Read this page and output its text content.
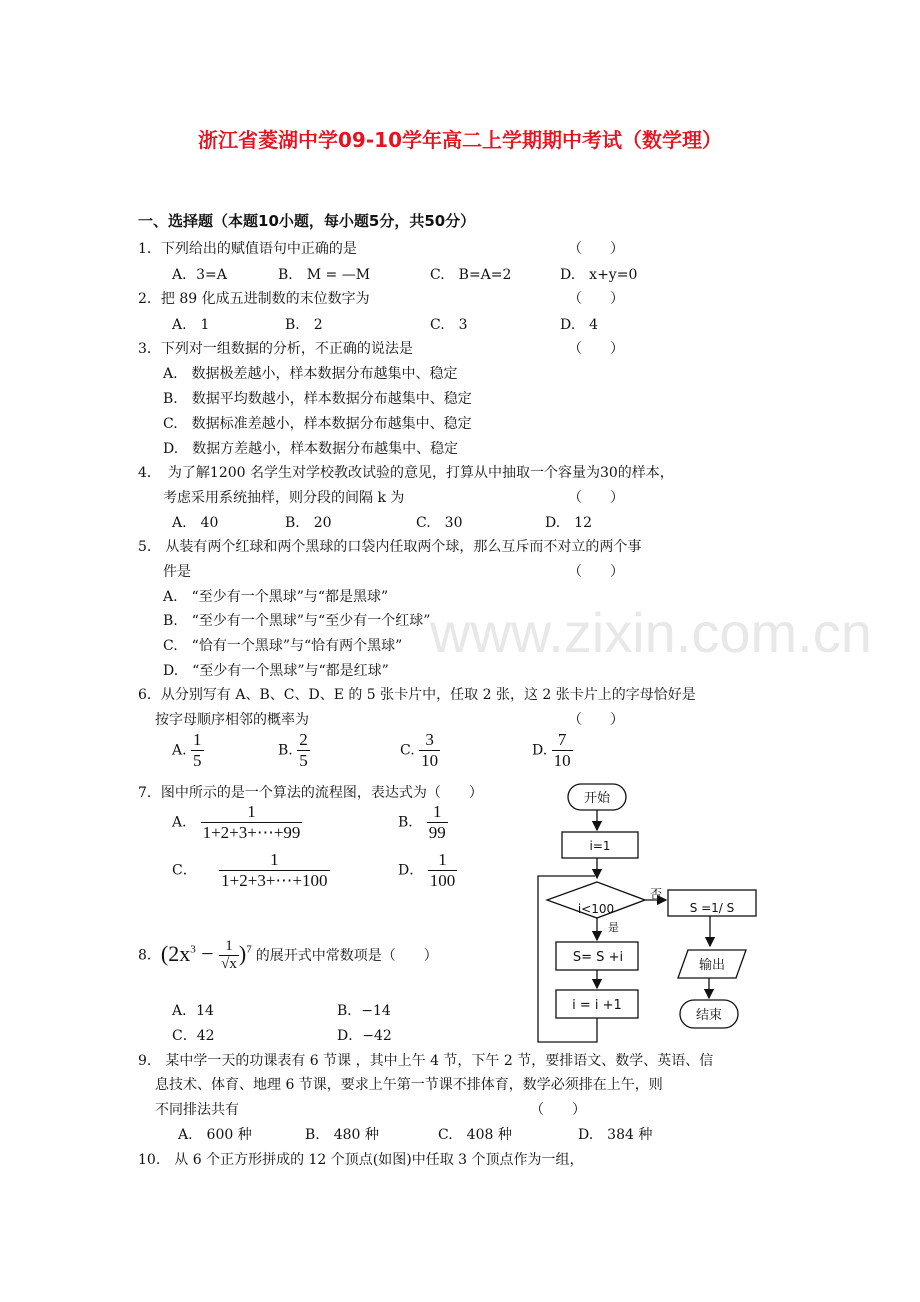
浙江省菱湖中学09-10学年高二上学期期中考试（数学理）
www.zixin.com.cn
一、选择题（本题10小题，每小题5分，共50分）
1．下列给出的赋值语句中正确的是	（　　）
A．3=A	B.　M = —M	C.　B=A=2	D.　x+y=0
2．把 89 化成五进制数的末位数字为	（　　）
A.　1	B.　2	C.　3	D.　4
3．下列对一组数据的分析，不正确的说法是	（　　）
A.　数据极差越小，样本数据分布越集中、稳定
B.　数据平均数越小，样本数据分布越集中、稳定
C.　数据标准差越小，样本数据分布越集中、稳定
D.　数据方差越小，样本数据分布越集中、稳定
4．　为了解1200 名学生对学校教改试验的意见，打算从中抽取一个容量为30的样本，
考虑采用系统抽样，则分段的间隔 k 为	（　　）
A.　40	B.　20	C.　30	D.　12
5.　从装有两个红球和两个黑球的口袋内任取两个球，那么互斥而不对立的两个事
件是	（　　）
A.　“至少有一个黑球”与“都是黑球”
B.　“至少有一个黑球”与“至少有一个红球”
C.　“恰有一个黑球”与“恰有两个黑球”
D.　“至少有一个黑球”与“都是红球”
6．从分别写有 A、B、C、D、E 的 5 张卡片中，任取 2 张，这 2 张卡片上的字母恰好是
按字母顺序相邻的概率为	（　　）
A. $\frac{1}{5}$	B. $\frac{2}{5}$	C. $\frac{3}{10}$	D. $\frac{7}{10}$
7．图中所示的是一个算法的流程图，表达式为（　　）
A． $\frac{1}{1+2+3+\cdots+99}$	B． $\frac{1}{99}$
C． $\frac{1}{1+2+3+\cdots+100}$	D． $\frac{1}{100}$
8．$(2x^3 - \frac{1}{√x} )^7$ 的展开式中常数项是（　　）
A．14	B．−14
C．42	D．−42
9.　某中学一天的功课表有 6 节课 ，其中上午 4 节，下午 2 节，要排语文、数学、英语、信
息技术、体育、地理 6 节课，要求上午第一节课不排体育，数学必须排在上午，则
不同排法共有	（　　）
A.　600 种	B.　480 种	C.　408 种	D.　384 种
10.　从 6 个正方形拼成的 12 个顶点(如图)中任取 3 个顶点作为一组，
开始
i=1
i<100
否
是
S= S +i
i = i +1
S =1/ S
输出
结束
